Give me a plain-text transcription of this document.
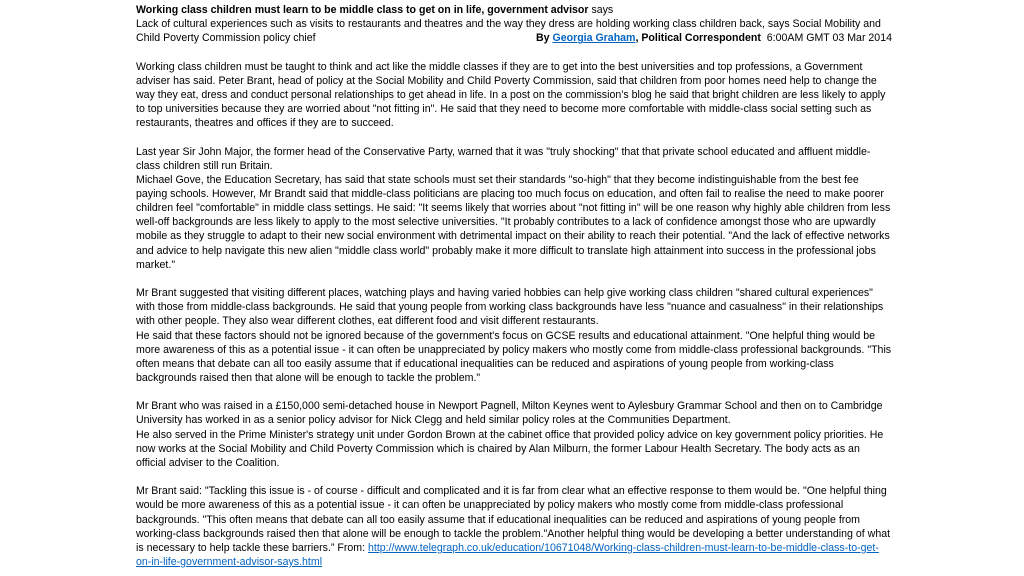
Working class children must learn to be middle class to get on in life, government advisor says

Lack of cultural experiences such as visits to restaurants and theatres and the way they dress are holding working class children back, says Social Mobility and

Child Poverty Commission policy chief	By Georgia Graham, Political Correspondent 6:00AM GMT 03 Mar 2014

Working class children must be taught to think and act like the middle classes if they are to get into the best universities and top professions, a Government adviser has said. Peter Brant, head of policy at the Social Mobility and Child Poverty Commission, said that children from poor homes need help to change the way they eat, dress and conduct personal relationships to get ahead in life. In a post on the commission’s blog he said that bright children are less likely to apply to top universities because they are worried about "not fitting in". He said that they need to become more comfortable with middle-class social setting such as restaurants, theatres and offices if they are to succeed.

Last year Sir John Major, the former head of the Conservative Party, warned that it was "truly shocking" that that private school educated and affluent middle-class children still run Britain.

Michael Gove, the Education Secretary, has said that state schools must set their standards "so-high" that they become indistinguishable from the best fee paying schools. However, Mr Brandt said that middle-class politicians are placing too much focus on education, and often fail to realise the need to make poorer children feel "comfortable" in middle class settings. He said: "It seems likely that worries about "not fitting in" will be one reason why highly able children from less well-off backgrounds are less likely to apply to the most selective universities. "It probably contributes to a lack of confidence amongst those who are upwardly mobile as they struggle to adapt to their new social environment with detrimental impact on their ability to reach their potential. "And the lack of effective networks and advice to help navigate this new alien "middle class world" probably make it more difficult to translate high attainment into success in the professional jobs market."

Mr Brant suggested that visiting different places, watching plays and having varied hobbies can help give working class children "shared cultural experiences" with those from middle-class backgrounds. He said that young people from working class backgrounds have less "nuance and casualness" in their relationships with other people. They also wear different clothes, eat different food and visit different restaurants.

He said that these factors should not be ignored because of the government's focus on GCSE results and educational attainment. "One helpful thing would be more awareness of this as a potential issue - it can often be unappreciated by policy makers who mostly come from middle-class professional backgrounds. "This often means that debate can all too easily assume that if educational inequalities can be reduced and aspirations of young people from working-class backgrounds raised then that alone will be enough to tackle the problem."

Mr Brant who was raised in a £150,000 semi-detached house in Newport Pagnell, Milton Keynes went to Aylesbury Grammar School and then on to Cambridge University has worked in as a senior policy advisor for Nick Clegg and held similar policy roles at the Communities Department.

He also served in the Prime Minister's strategy unit under Gordon Brown at the cabinet office that provided policy advice on key government policy priorities. He now works at the Social Mobility and Child Poverty Commission which is chaired by Alan Milburn, the former Labour Health Secretary. The body acts as an official adviser to the Coalition.

Mr Brant said: "Tackling this issue is - of course - difficult and complicated and it is far from clear what an effective response to them would be. "One helpful thing would be more awareness of this as a potential issue - it can often be unappreciated by policy makers who mostly come from middle-class professional backgrounds. "This often means that debate can all too easily assume that if educational inequalities can be reduced and aspirations of young people from working-class backgrounds raised then that alone will be enough to tackle the problem."Another helpful thing would be developing a better understanding of what is necessary to help tackle these barriers.” From: http://www.telegraph.co.uk/education/10671048/Working-class-children-must-learn-to-be-middle-class-to-get-on-in-life-government-advisor-says.html
